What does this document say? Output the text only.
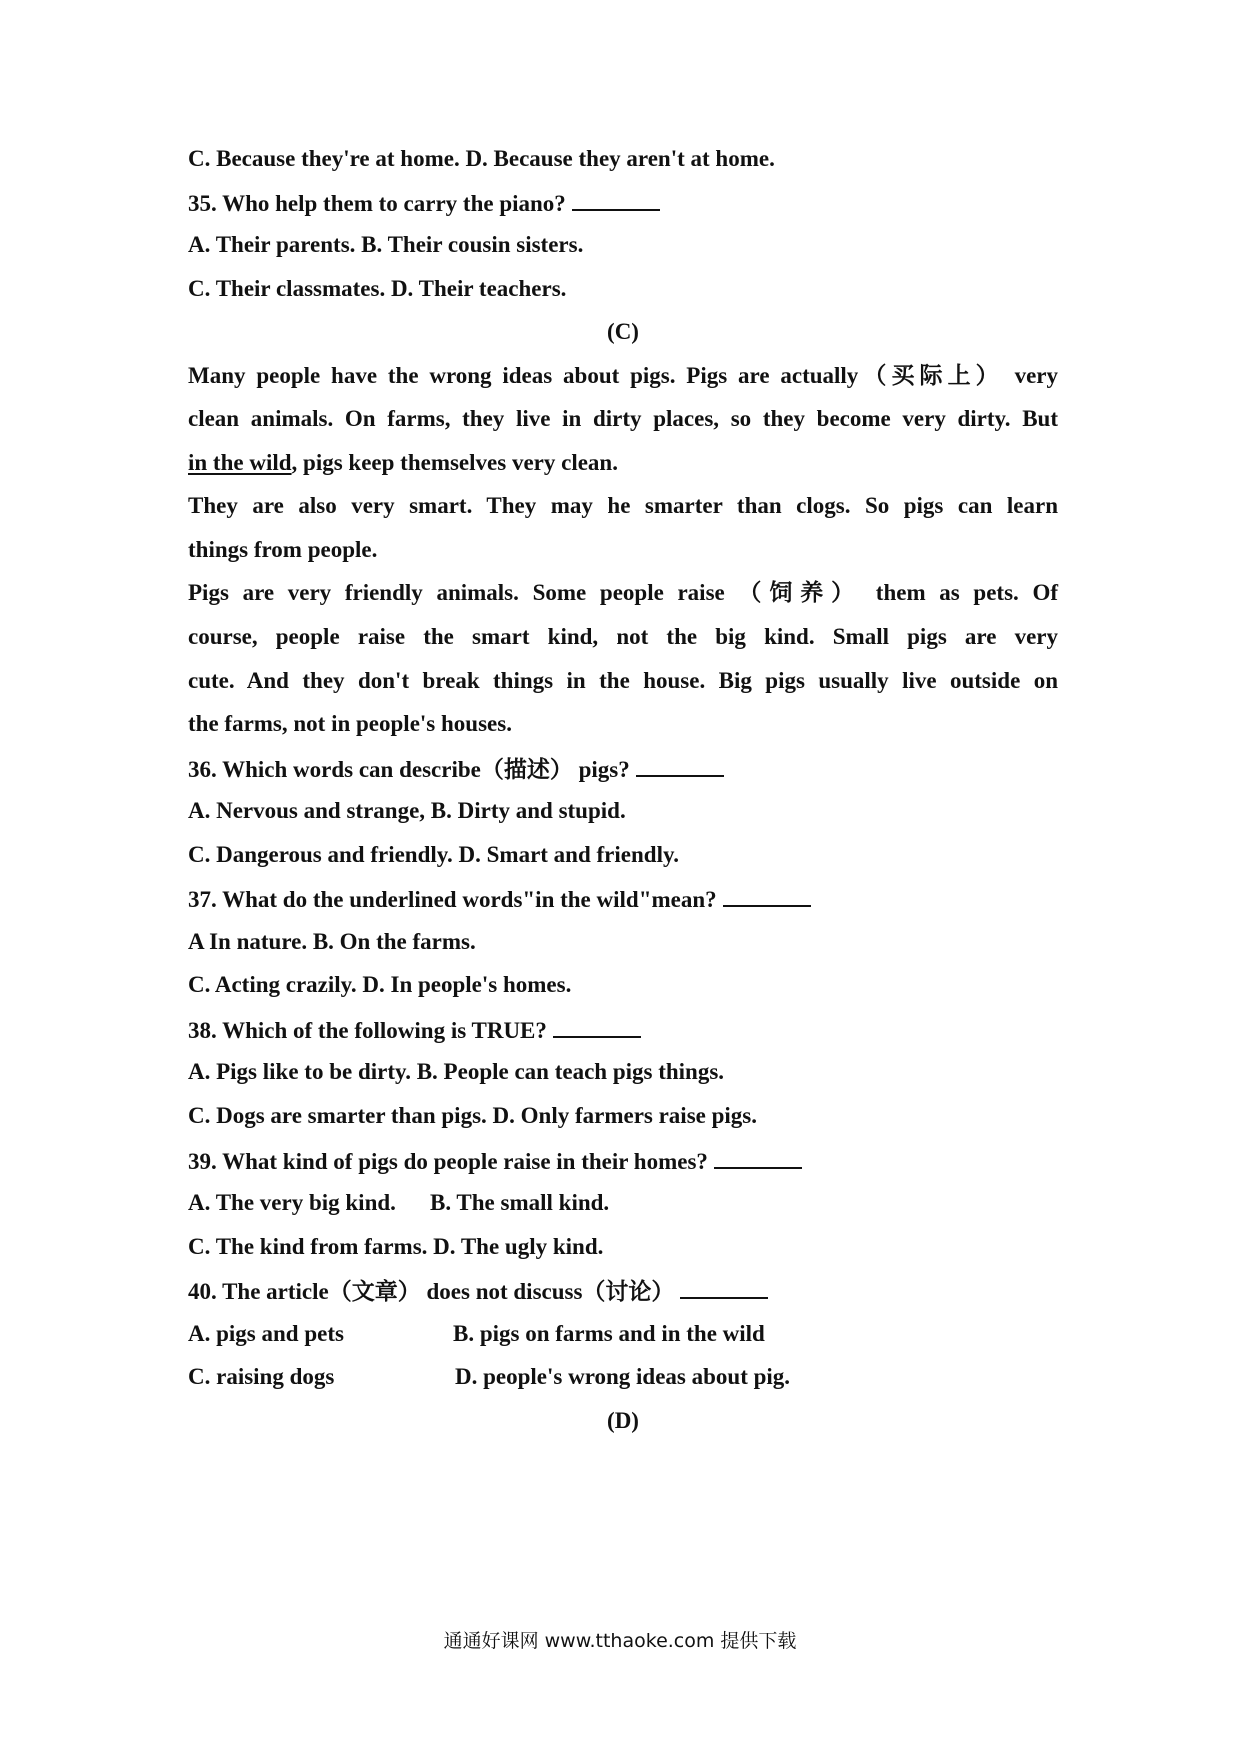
C. Because they're at home. D. Because they aren't at home.
35. Who help them to carry the piano?
A. Their parents. B. Their cousin sisters.
C. Their classmates. D. Their teachers.
(C)
Many people have the wrong ideas about pigs. Pigs are actually（买际上） very
clean animals. On farms, they live in dirty places, so they become very dirty. But
in the wild, pigs keep themselves very clean.
They are also very smart. They may he smarter than clogs. So pigs can learn
things from people.
Pigs are very friendly animals. Some people raise （饲养） them as pets. Of
course, people raise the smart kind, not the big kind. Small pigs are very
cute. And they don't break things in the house. Big pigs usually live outside on
the farms, not in people's houses.
36. Which words can describe（描述） pigs?
A. Nervous and strange, B. Dirty and stupid.
C. Dangerous and friendly. D. Smart and friendly.
37. What do the underlined words"in the wild"mean?
A In nature. B. On the farms.
C. Acting crazily. D. In people's homes.
38. Which of the following is TRUE?
A. Pigs like to be dirty. B. People can teach pigs things.
C. Dogs are smarter than pigs. D. Only farmers raise pigs.
39. What kind of pigs do people raise in their homes?
A. The very big kind. B. The small kind.
C. The kind from farms. D. The ugly kind.
40. The article（文章） does not discuss（讨论）
A. pigs and pets	B. pigs on farms and in the wild
C. raising dogs	D. people's wrong ideas about pig.
(D)
通通好课网 www.tthaoke.com 提供下载
